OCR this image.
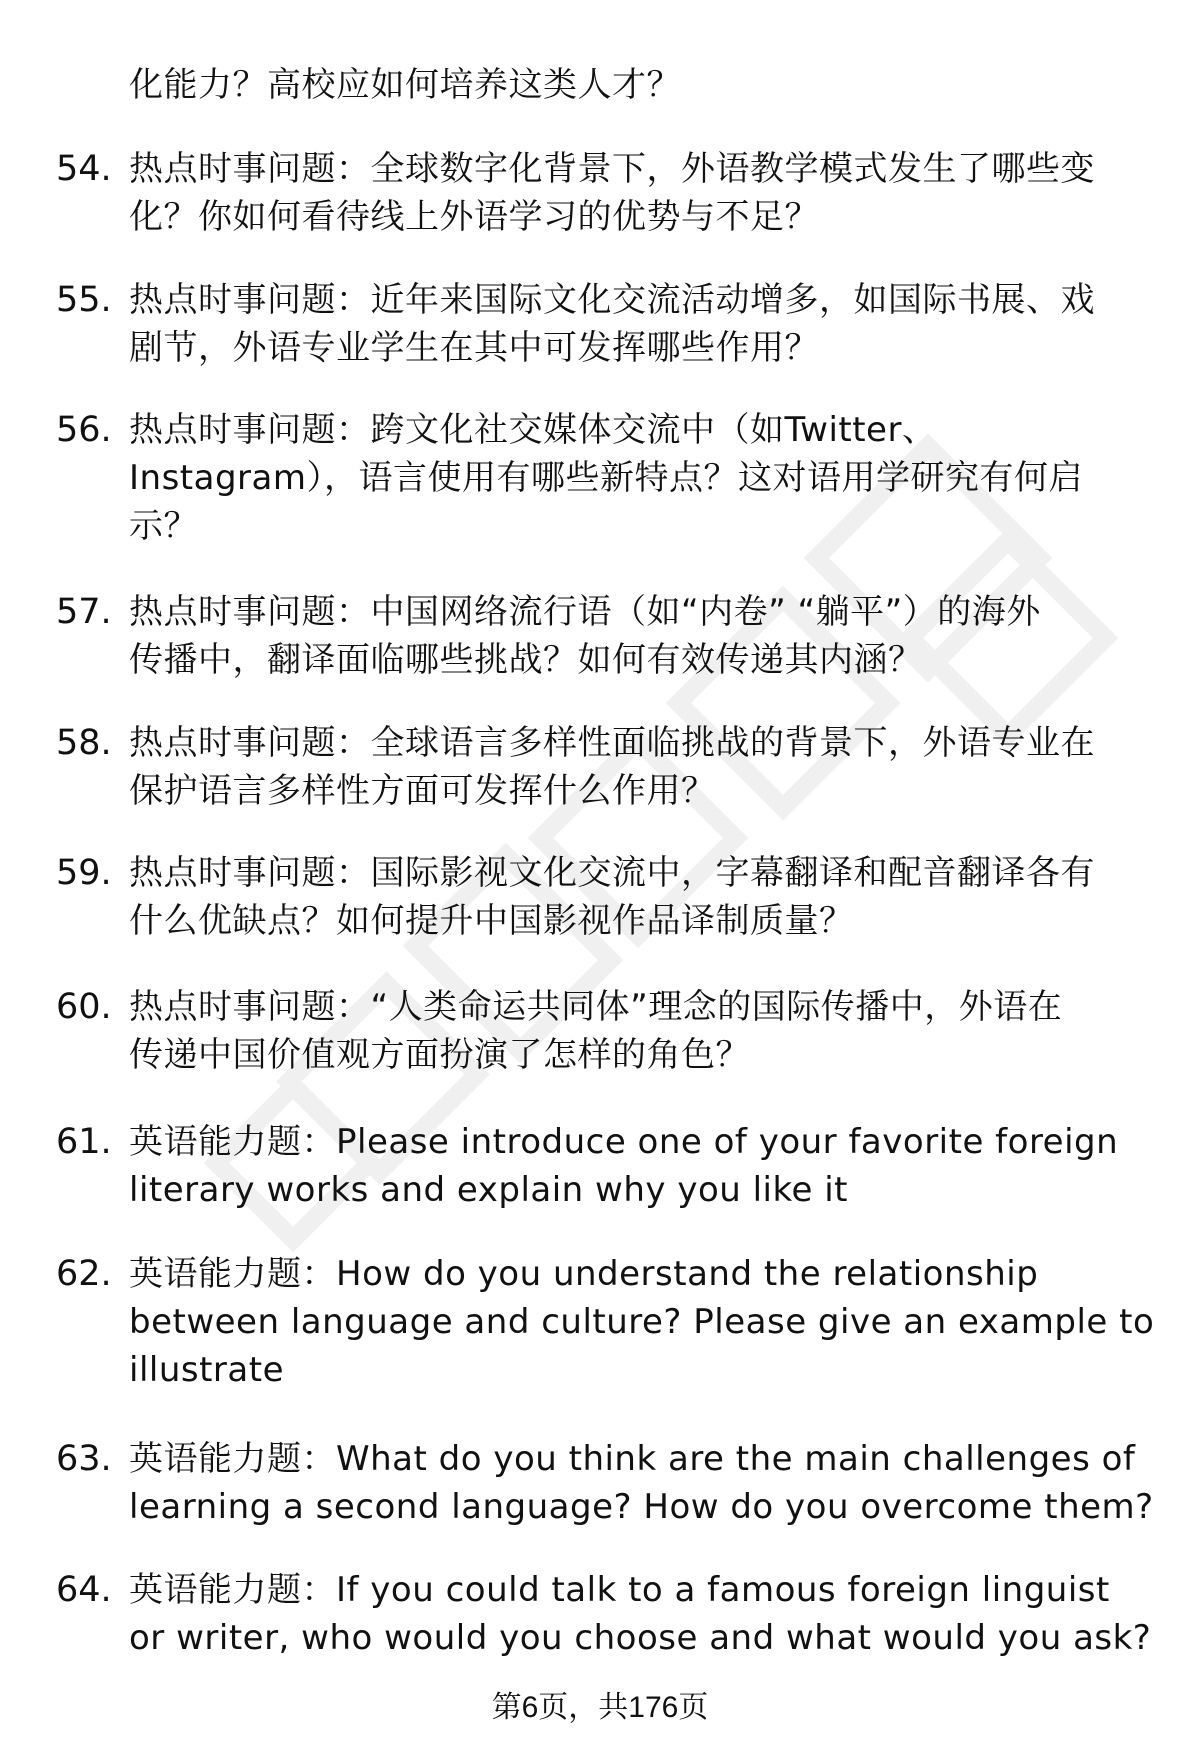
化能力？高校应如何培养这类人才？
54. 热点时事问题：全球数字化背景下，外语教学模式发生了哪些变
化？你如何看待线上外语学习的优势与不足？
55. 热点时事问题：近年来国际文化交流活动增多，如国际书展、戏
剧节，外语专业学生在其中可发挥哪些作用？
56. 热点时事问题：跨文化社交媒体交流中（如Twitter、
Instagram），语言使用有哪些新特点？这对语用学研究有何启
示？
57. 热点时事问题：中国网络流行语（如“内卷” “躺平”）的海外
传播中，翻译面临哪些挑战？如何有效传递其内涵？
58. 热点时事问题：全球语言多样性面临挑战的背景下，外语专业在
保护语言多样性方面可发挥什么作用？
59. 热点时事问题：国际影视文化交流中，字幕翻译和配音翻译各有
什么优缺点？如何提升中国影视作品译制质量？
60. 热点时事问题：“人类命运共同体”理念的国际传播中，外语在
传递中国价值观方面扮演了怎样的角色？
61. 英语能力题：Please introduce one of your favorite foreign
literary works and explain why you like it
62. 英语能力题：How do you understand the relationship
between language and culture? Please give an example to
illustrate
63. 英语能力题：What do you think are the main challenges of
learning a second language? How do you overcome them?
64. 英语能力题：If you could talk to a famous foreign linguist
or writer, who would you choose and what would you ask?
第6页，共176页
